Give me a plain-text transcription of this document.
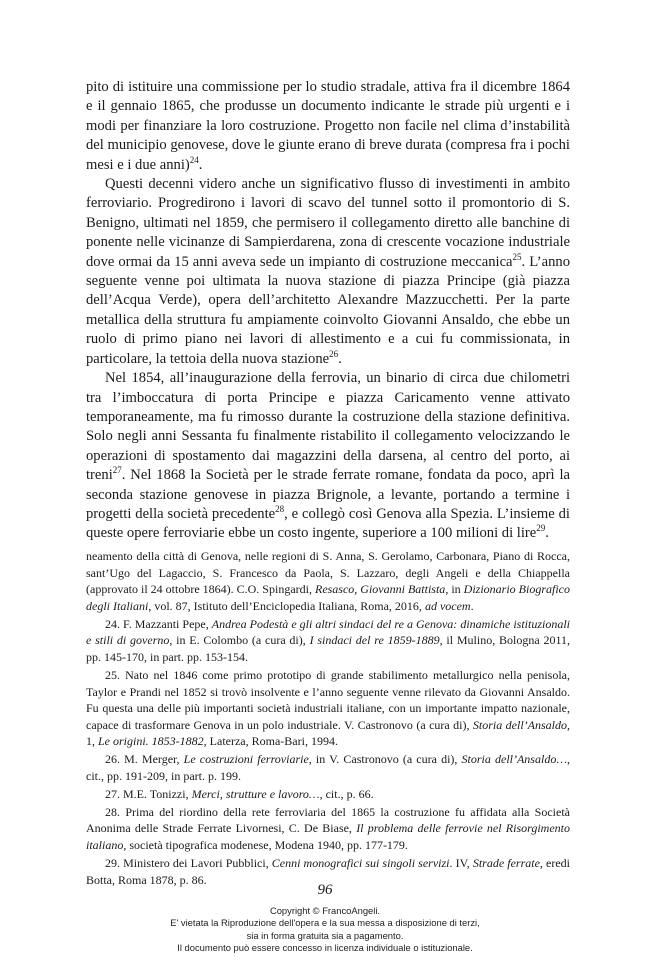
pito di istituire una commissione per lo studio stradale, attiva fra il dicembre 1864 e il gennaio 1865, che produsse un documento indicante le strade più urgenti e i modi per finanziare la loro costruzione. Progetto non facile nel clima d’instabilità del municipio genovese, dove le giunte erano di breve durata (compresa fra i pochi mesi e i due anni)$^{24}$.

Questi decenni videro anche un significativo flusso di investimenti in ambito ferroviario. Progredirono i lavori di scavo del tunnel sotto il promontorio di S. Benigno, ultimati nel 1859, che permisero il collegamento diretto alle banchine di ponente nelle vicinanze di Sampierdarena, zona di crescente vocazione industriale dove ormai da 15 anni aveva sede un impianto di costruzione meccanica$^{25}$. L’anno seguente venne poi ultimata la nuova stazione di piazza Principe (già piazza dell’Acqua Verde), opera dell’architetto Alexandre Mazzucchetti. Per la parte metallica della struttura fu ampiamente coinvolto Giovanni Ansaldo, che ebbe un ruolo di primo piano nei lavori di allestimento e a cui fu commissionata, in particolare, la tettoia della nuova stazione$^{26}$.

Nel 1854, all’inaugurazione della ferrovia, un binario di circa due chilometri tra l’imboccatura di porta Principe e piazza Caricamento venne attivato temporaneamente, ma fu rimosso durante la costruzione della stazione definitiva. Solo negli anni Sessanta fu finalmente ristabilito il collegamento velocizzando le operazioni di spostamento dai magazzini della darsena, al centro del porto, ai treni$^{27}$. Nel 1868 la Società per le strade ferrate romane, fondata da poco, aprì la seconda stazione genovese in piazza Brignole, a levante, portando a termine i progetti della società precedente$^{28}$, e collegò così Genova alla Spezia. L’insieme di queste opere ferroviarie ebbe un costo ingente, superiore a 100 milioni di lire$^{29}$.

neamento della città di Genova, nelle regioni di S. Anna, S. Gerolamo, Carbonara, Piano di Rocca, sant’Ugo del Lagaccio, S. Francesco da Paola, S. Lazzaro, degli Angeli e della Chiappella (approvato il 24 ottobre 1864). C.O. Spingardi, Resasco, Giovanni Battista, in Dizionario Biografico degli Italiani, vol. 87, Istituto dell’Enciclopedia Italiana, Roma, 2016, ad vocem.

24. F. Mazzanti Pepe, Andrea Podestà e gli altri sindaci del re a Genova: dinamiche istituzionali e stili di governo, in E. Colombo (a cura di), I sindaci del re 1859-1889, il Mulino, Bologna 2011, pp. 145-170, in part. pp. 153-154.

25. Nato nel 1846 come primo prototipo di grande stabilimento metallurgico nella penisola, Taylor e Prandi nel 1852 si trovò insolvente e l’anno seguente venne rilevato da Giovanni Ansaldo. Fu questa una delle più importanti società industriali italiane, con un importante impatto nazionale, capace di trasformare Genova in un polo industriale. V. Castronovo (a cura di), Storia dell’Ansaldo, 1, Le origini. 1853-1882, Laterza, Roma-Bari, 1994.

26. M. Merger, Le costruzioni ferroviarie, in V. Castronovo (a cura di), Storia dell’Ansaldo…, cit., pp. 191-209, in part. p. 199.

27. M.E. Tonizzi, Merci, strutture e lavoro…, cit., p. 66.

28. Prima del riordino della rete ferroviaria del 1865 la costruzione fu affidata alla Società Anonima delle Strade Ferrate Livornesi, C. De Biase, Il problema delle ferrovie nel Risorgimento italiano, società tipografica modenese, Modena 1940, pp. 177-179.

29. Ministero dei Lavori Pubblici, Cenni monografici sui singoli servizi. IV, Strade ferrate, eredi Botta, Roma 1878, p. 86.

96
Copyright © FrancoAngeli.
E' vietata la Riproduzione dell'opera e la sua messa a disposizione di terzi,
sia in forma gratuita sia a pagamento.
Il documento può essere concesso in licenza individuale o istituzionale.
